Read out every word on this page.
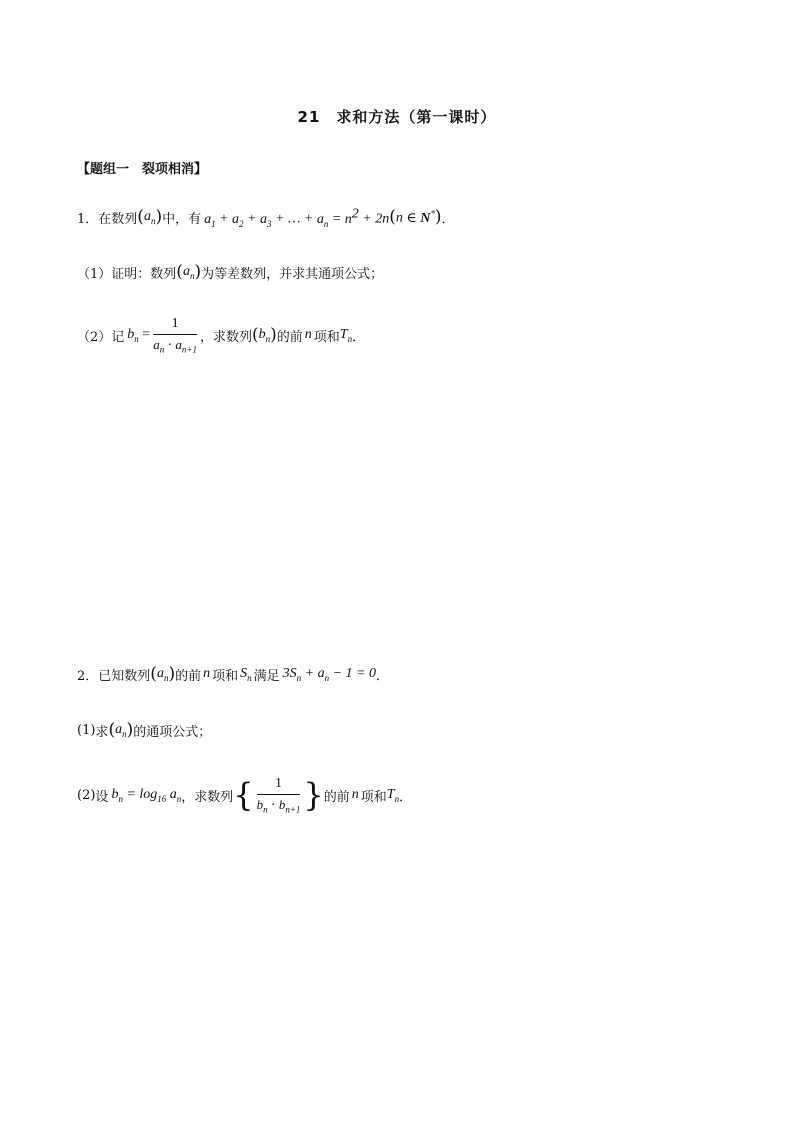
21　求和方法（第一课时）
【题组一　裂项相消】
1． 在数列 ( $a_n$ ) 中，有 $a_1 + a_2 + a_3$ + … + $a_n = n^2 + 2n$ ( n ∈ N* ) ．
（1） 证明：数列 ( $a_n$ ) 为等差数列，并求其通项公式；
（2） 记 $b_n = \frac{1}{a_n \cdot a_{n+1}}$ ，求数列 ( $b_n$ ) 的前 n 项和 $T_n$ ．
2． 已知数列 ( $a_n$ ) 的前 n 项和 $S_n$ 满足 $3S_n + a_n - 1 = 0$ ．
(1) 求 ( $a_n$ ) 的通项公式；
(2) 设 $b_n = \log_{16} a_n$ ，求数列 { $\frac{1}{b_n \cdot b_{n+1}}$ } 的前 n 项和 $T_n$ ．
